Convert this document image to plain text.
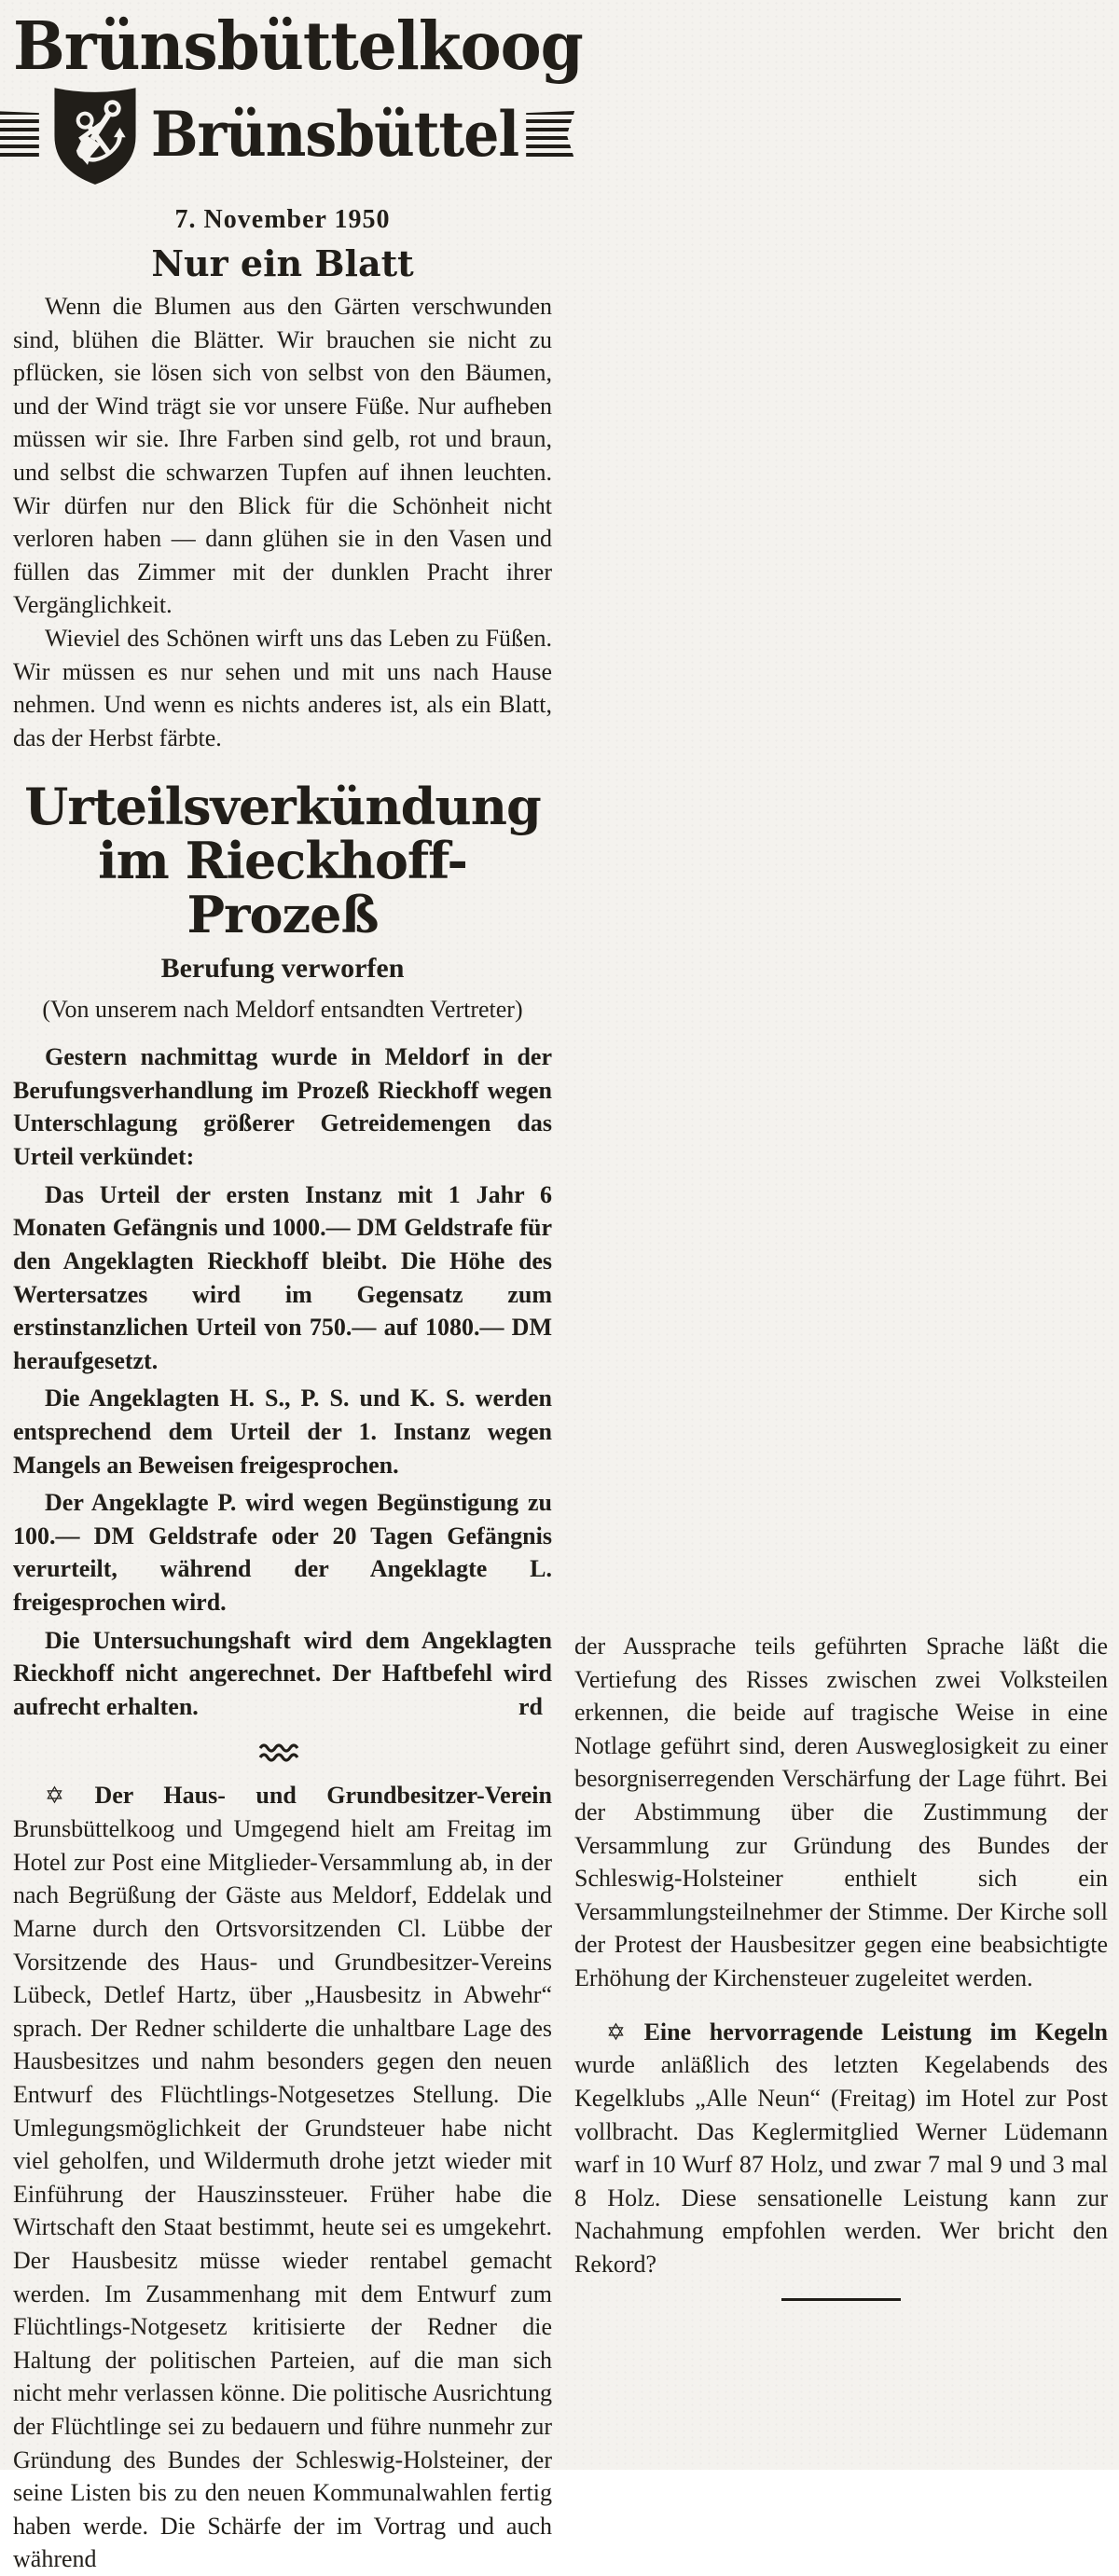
Brünsbüttelkoog
⚓ Brünsbüttel
7. November 1950
Nur ein Blatt

Wenn die Blumen aus den Gärten verschwunden sind, blühen die Blätter. Wir brauchen sie nicht zu pflücken, sie lösen sich von selbst von den Bäumen, und der Wind trägt sie vor unsere Füße. Nur aufheben müssen wir sie. Ihre Farben sind gelb, rot und braun, und selbst die schwarzen Tupfen auf ihnen leuchten. Wir dürfen nur den Blick für die Schönheit nicht verloren haben — dann glühen sie in den Vasen und füllen das Zimmer mit der dunklen Pracht ihrer Vergänglichkeit.

Wieviel des Schönen wirft uns das Leben zu Füßen. Wir müssen es nur sehen und mit uns nach Hause nehmen. Und wenn es nichts anderes ist, als ein Blatt, das der Herbst färbte.

Urteilsverkündung im Rieckhoff-Prozeß
Berufung verworfen
(Von unserem nach Meldorf entsandten Vertreter)

Gestern nachmittag wurde in Meldorf in der Berufungsverhandlung im Prozeß Rieckhoff wegen Unterschlagung größerer Getreidemengen das Urteil verkündet:

Das Urteil der ersten Instanz mit 1 Jahr 6 Monaten Gefängnis und 1000.— DM Geldstrafe für den Angeklagten Rieckhoff bleibt. Die Höhe des Wertersatzes wird im Gegensatz zum erstinstanzlichen Urteil von 750.— auf 1080.— DM heraufgesetzt.

Die Angeklagten H. S., P. S. und K. S. werden entsprechend dem Urteil der 1. Instanz wegen Mangels an Beweisen freigesprochen.

Der Angeklagte P. wird wegen Begünstigung zu 100.— DM Geldstrafe oder 20 Tagen Gefängnis verurteilt, während der Angeklagte L. freigesprochen wird.

Die Untersuchungshaft wird dem Angeklagten Rieckhoff nicht angerechnet. Der Haftbefehl wird aufrecht erhalten.	rd

✡ Der Haus- und Grundbesitzer-Verein Brunsbüttelkoog und Umgegend hielt am Freitag im Hotel zur Post eine Mitglieder-Versammlung ab, in der nach Begrüßung der Gäste aus Meldorf, Eddelak und Marne durch den Ortsvorsitzenden Cl. Lübbe der Vorsitzende des Haus- und Grundbesitzer-Vereins Lübeck, Detlef Hartz, über „Hausbesitz in Abwehr“ sprach. Der Redner schilderte die unhaltbare Lage des Hausbesitzes und nahm besonders gegen den neuen Entwurf des Flüchtlings-Notgesetzes Stellung. Die Umlegungsmöglichkeit der Grundsteuer habe nicht viel geholfen, und Wildermuth drohe jetzt wieder mit Einführung der Hauszinssteuer. Früher habe die Wirtschaft den Staat bestimmt, heute sei es umgekehrt. Der Hausbesitz müsse wieder rentabel gemacht werden. Im Zusammenhang mit dem Entwurf zum Flüchtlings-Notgesetz kritisierte der Redner die Haltung der politischen Parteien, auf die man sich nicht mehr verlassen könne. Die politische Ausrichtung der Flüchtlinge sei zu bedauern und führe nunmehr zur Gründung des Bundes der Schleswig-Holsteiner, der seine Listen bis zu den neuen Kommunalwahlen fertig haben werde. Die Schärfe der im Vortrag und auch während

der Aussprache teils geführten Sprache läßt die Vertiefung des Risses zwischen zwei Volksteilen erkennen, die beide auf tragische Weise in eine Notlage geführt sind, deren Ausweglosigkeit zu einer besorgniserregenden Verschärfung der Lage führt. Bei der Abstimmung über die Zustimmung der Versammlung zur Gründung des Bundes der Schleswig-Holsteiner enthielt sich ein Versammlungsteilnehmer der Stimme. Der Kirche soll der Protest der Hausbesitzer gegen eine beabsichtigte Erhöhung der Kirchensteuer zugeleitet werden.

✡ Eine hervorragende Leistung im Kegeln wurde anläßlich des letzten Kegelabends des Kegelklubs „Alle Neun“ (Freitag) im Hotel zur Post vollbracht. Das Keglermitglied Werner Lüdemann warf in 10 Wurf 87 Holz, und zwar 7 mal 9 und 3 mal 8 Holz. Diese sensationelle Leistung kann zur Nachahmung empfohlen werden. Wer bricht den Rekord?
